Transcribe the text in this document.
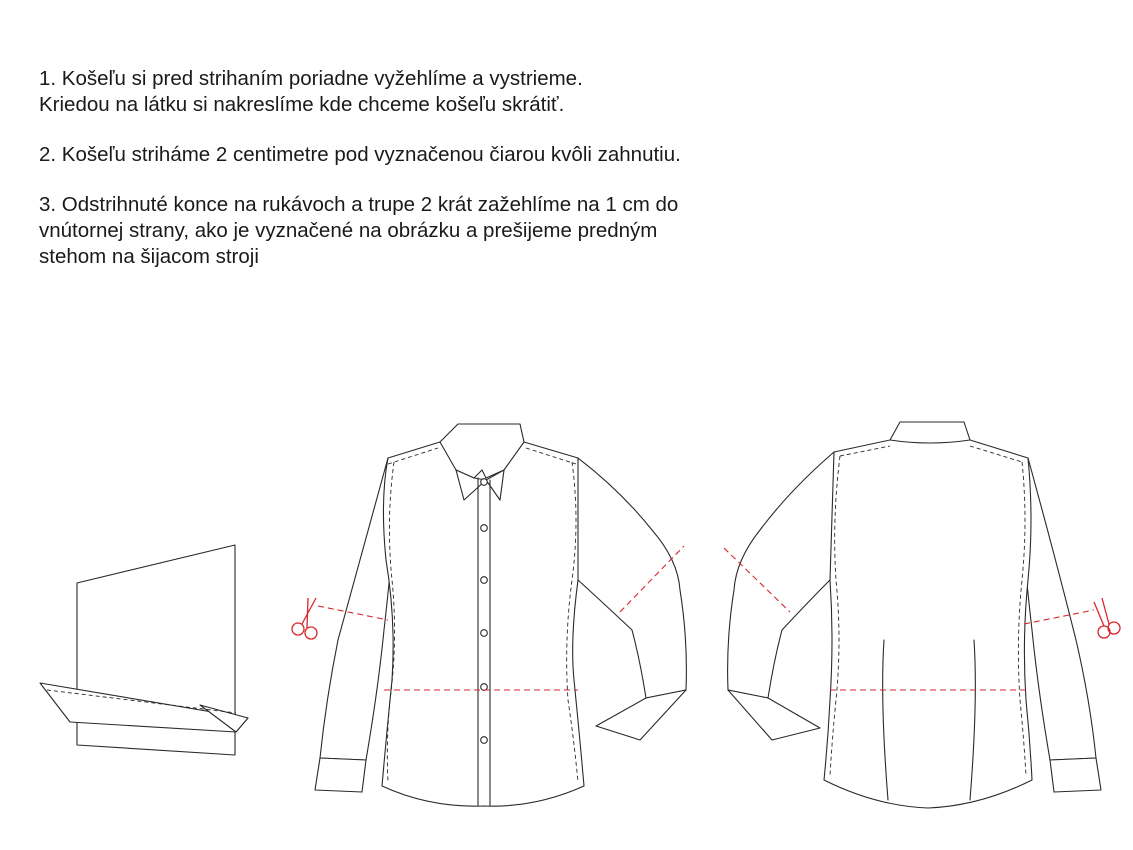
1. Košeľu si pred strihaním poriadne vyžehlíme a vystrieme.
Kriedou na látku si nakreslíme kde chceme košeľu skrátiť.

2. Košeľu strihámе 2 centimetre pod vyznačenou čiarou kvôli zahnutiu.

3. Odstrihnuté konce na rukávoch a trupe 2 krát zažehlíme na 1 cm do
vnútornej strany, ako je vyznačené na obrázku a prešijeme predným
stehom na šijacom stroji
